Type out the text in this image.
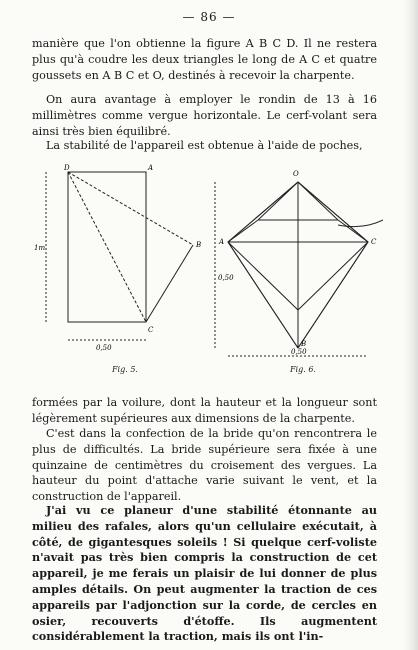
— 86 —

manière que l'on obtienne la figure A B C D. Il ne restera plus qu'à coudre les deux triangles le long de A C et quatre goussets en A B C et O, destinés à recevoir la charpente.

On aura avantage à employer le rondin de 13 à 16 millimètres comme vergue horizontale. Le cerf-volant sera ainsi très bien équilibré.

La stabilité de l'appareil est obtenue à l'aide de poches,

D	A
B
C
1m
0,50
O
A	C
B
0,50
0,50
Fig. 5.	Fig. 6.

formées par la voilure, dont la hauteur et la longueur sont légèrement supérieures aux dimensions de la charpente.

C'est dans la confection de la bride qu'on rencontrera le plus de difficultés. La bride supérieure sera fixée à une quinzaine de centimètres du croisement des vergues. La hauteur du point d'attache varie suivant le vent, et la construction de l'appareil.

J'ai vu ce planeur d'une stabilité étonnante au milieu des rafales, alors qu'un cellulaire exécutait, à côté, de gigantesques soleils ! Si quelque cerf-voliste n'avait pas très bien compris la construction de cet appareil, je me ferais un plaisir de lui donner de plus amples détails. On peut augmenter la traction de ces appareils par l'adjonction sur la corde, de cercles en osier, recouverts d'étoffe. Ils augmentent considérablement la traction, mais ils ont l'in-
